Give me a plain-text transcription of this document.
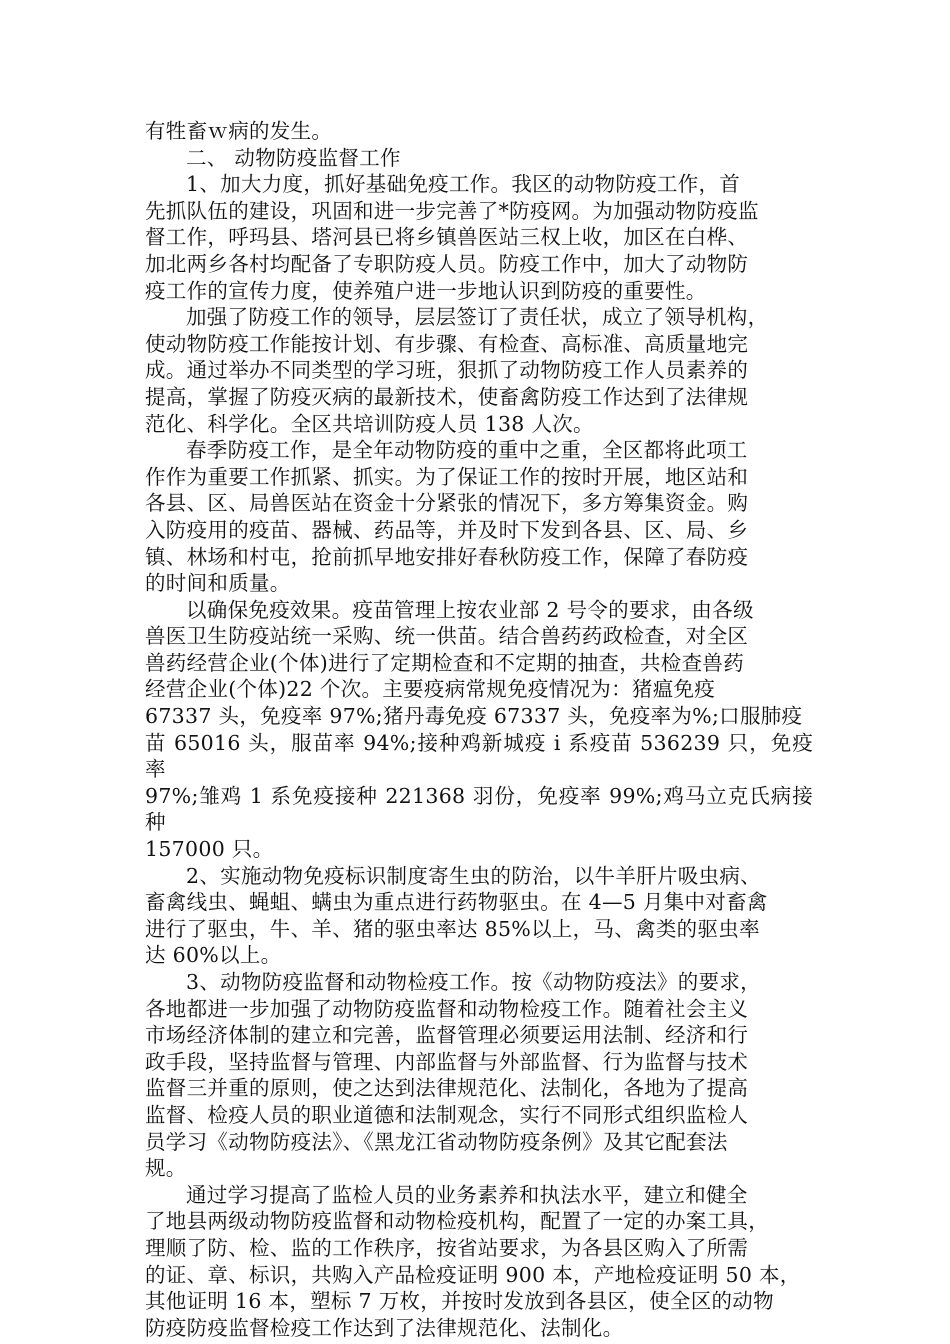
有牲畜ｗ病的发生。

二、 动物防疫监督工作

1、加大力度，抓好基础免疫工作。我区的动物防疫工作，首
先抓队伍的建设，巩固和进一步完善了*防疫网。为加强动物防疫监
督工作，呼玛县、塔河县已将乡镇兽医站三权上收，加区在白桦、
加北两乡各村均配备了专职防疫人员。防疫工作中，加大了动物防
疫工作的宣传力度，使养殖户进一步地认识到防疫的重要性。

加强了防疫工作的领导，层层签订了责任状，成立了领导机构，
使动物防疫工作能按计划、有步骤、有检查、高标准、高质量地完
成。通过举办不同类型的学习班，狠抓了动物防疫工作人员素养的
提高，掌握了防疫灭病的最新技术，使畜禽防疫工作达到了法律规
范化、科学化。全区共培训防疫人员 138 人次。

春季防疫工作，是全年动物防疫的重中之重，全区都将此项工
作作为重要工作抓紧、抓实。为了保证工作的按时开展，地区站和
各县、区、局兽医站在资金十分紧张的情况下，多方筹集资金。购
入防疫用的疫苗、器械、药品等，并及时下发到各县、区、局、乡
镇、林场和村屯，抢前抓早地安排好春秋防疫工作，保障了春防疫
的时间和质量。

以确保免疫效果。疫苗管理上按农业部 2 号令的要求，由各级
兽医卫生防疫站统一采购、统一供苗。结合兽药药政检查，对全区
兽药经营企业(个体)进行了定期检查和不定期的抽查，共检查兽药
经营企业(个体)22 个次。主要疫病常规免疫情况为：猪瘟免疫
67337 头，免疫率 97%;猪丹毒免疫 67337 头，免疫率为%;口服肺疫
苗 65016 头，服苗率 94%;接种鸡新城疫 i 系疫苗 536239 只，免疫率
97%;雏鸡 1 系免疫接种 221368 羽份，免疫率 99%;鸡马立克氏病接种
157000 只。

2、实施动物免疫标识制度寄生虫的防治，以牛羊肝片吸虫病、
畜禽线虫、蝇蛆、螨虫为重点进行药物驱虫。在 4—5 月集中对畜禽
进行了驱虫，牛、羊、猪的驱虫率达 85%以上，马、禽类的驱虫率
达 60%以上。

3、动物防疫监督和动物检疫工作。按《动物防疫法》的要求，
各地都进一步加强了动物防疫监督和动物检疫工作。随着社会主义
市场经济体制的建立和完善，监督管理必须要运用法制、经济和行
政手段，坚持监督与管理、内部监督与外部监督、行为监督与技术
监督三并重的原则，使之达到法律规范化、法制化，各地为了提高
监督、检疫人员的职业道德和法制观念，实行不同形式组织监检人
员学习《动物防疫法》、《黑龙江省动物防疫条例》及其它配套法
规。

通过学习提高了监检人员的业务素养和执法水平，建立和健全
了地县两级动物防疫监督和动物检疫机构，配置了一定的办案工具，
理顺了防、检、监的工作秩序，按省站要求，为各县区购入了所需
的证、章、标识，共购入产品检疫证明 900 本，产地检疫证明 50 本，
其他证明 16 本，塑标 7 万枚，并按时发放到各县区，使全区的动物
防疫防疫监督检疫工作达到了法律规范化、法制化。
